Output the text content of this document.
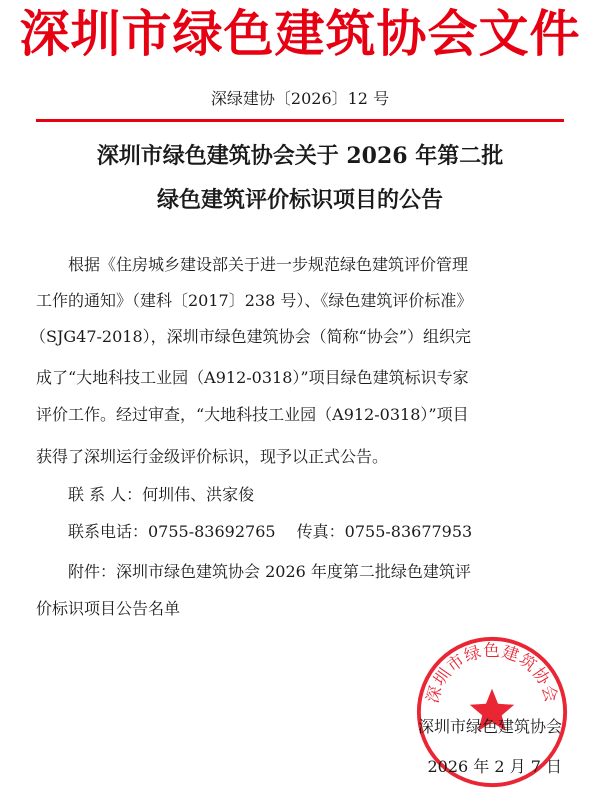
深圳市绿色建筑协会文件
深绿建协〔2026〕12 号
深圳市绿色建筑协会关于 2026 年第二批
绿色建筑评价标识项目的公告
根据《住房城乡建设部关于进一步规范绿色建筑评价管理
工作的通知》（建科〔2017〕238 号）、《绿色建筑评价标准》
（SJG47-2018），深圳市绿色建筑协会（简称“协会”）组织完
成了“大地科技工业园（A912-0318）”项目绿色建筑标识专家
评价工作。经过审查，“大地科技工业园（A912-0318）”项目
获得了深圳运行金级评价标识，现予以正式公告。
联 系 人：何圳伟、洪家俊
联系电话：0755-83692765　 传真：0755-83677953
附件：深圳市绿色建筑协会 2026 年度第二批绿色建筑评
价标识项目公告名单
深圳市绿色建筑协会
深圳市绿色建筑协会
2026 年 2 月 7 日
